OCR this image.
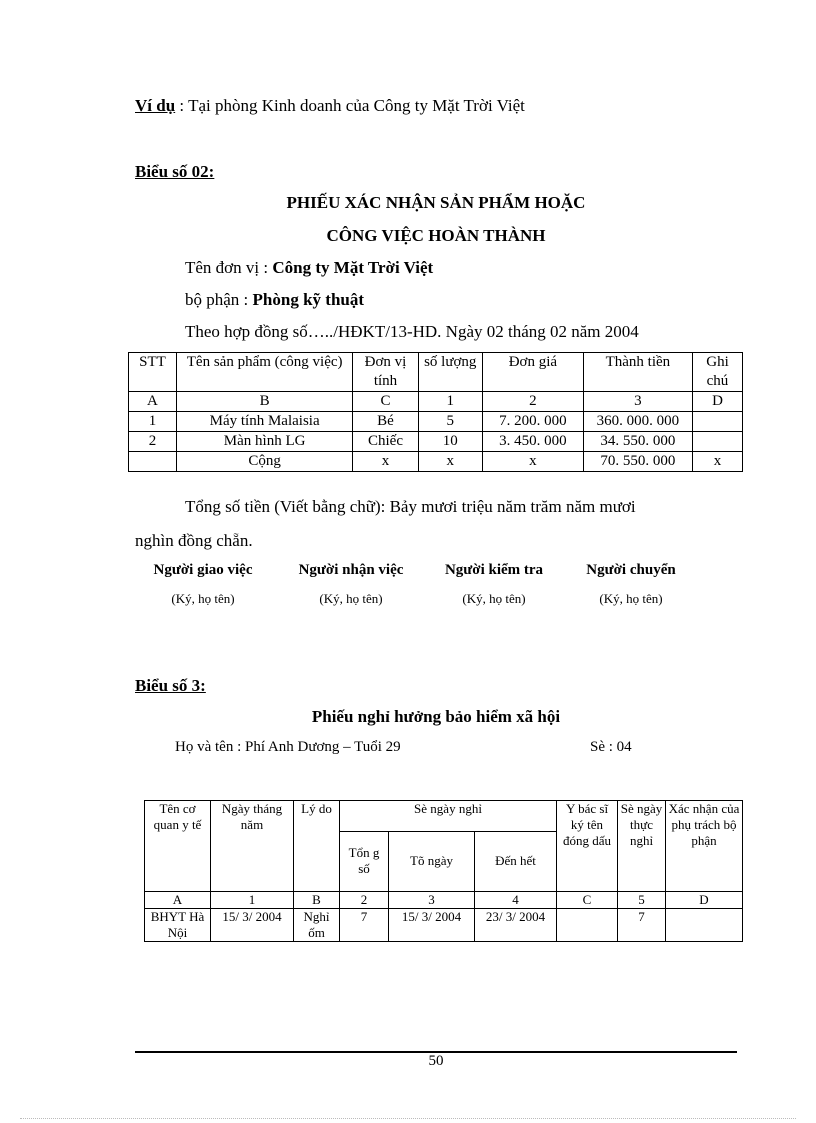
Ví dụ : Tại phòng Kinh doanh của Công ty Mặt Trời Việt
Biểu số 02:
PHIẾU XÁC NHẬN SẢN PHẨM HOẶC
CÔNG VIỆC HOÀN THÀNH
Tên đơn vị : Công ty Mặt Trời Việt
bộ phận : Phòng kỹ thuật
Theo hợp đồng số…../HĐKT/13-HD. Ngày 02 tháng 02 năm 2004
STT	Tên sản phẩm (công việc)	Đơn vị tính	số lượng	Đơn giá	Thành tiền	Ghi chú
A	B	C	1	2	3	D
1	Máy tính Malaisia	Bé	5	7. 200. 000	360. 000. 000	
2	Màn hình LG	Chiếc	10	3. 450. 000	34. 550. 000	
	Cộng	x	x	x	70. 550. 000	x
Tổng số tiền (Viết bằng chữ): Bảy mươi triệu năm trăm năm mươi
nghìn đồng chẵn.
Người giao việc
(Ký, họ tên)
Người nhận việc
(Ký, họ tên)
Người kiểm tra
(Ký, họ tên)
Người chuyển
(Ký, họ tên)
Biểu số 3:
Phiếu nghỉ hưởng bảo hiểm xã hội
Họ và tên : Phí Anh Dương – Tuổi 29	Sè : 04
Tên cơ quan y tế	Ngày tháng năm	Lý do	Sè ngày nghỉ			Y bác sĩ ký tên đóng dấu	Sè ngày thực nghỉ	Xác nhận của phụ trách bộ phận
			Tổn g số	Tõ ngày	Đến hết			
A	1	B	2	3	4	C	5	D
BHYT Hà Nội	15/ 3/ 2004	Nghỉ ốm	7	15/ 3/ 2004	23/ 3/ 2004		7	
50
